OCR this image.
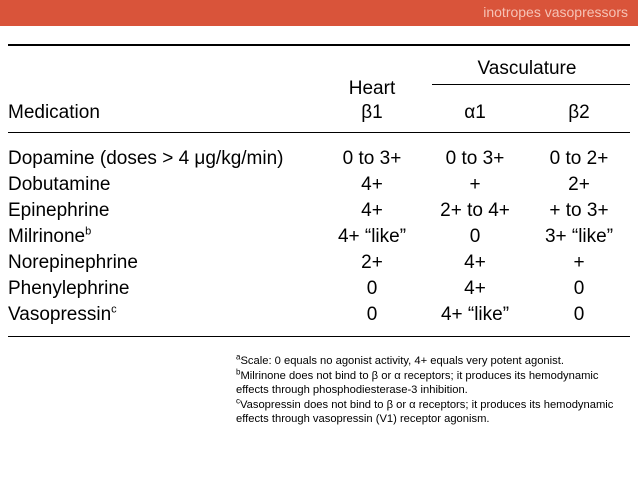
inotropes vasopressors
Vasculature
Heart
Medication	β1	α1	β2
Dopamine (doses > 4 μg/kg/min)	0 to 3+	0 to 3+	0 to 2+
Dobutamine	4+	+	2+
Epinephrine	4+	2+ to 4+	+ to 3+
Milrinone$^b$	4+ “like”	0	3+ “like”
Norepinephrine	2+	4+	+
Phenylephrine	0	4+	0
Vasopressin$^c$	0	4+ “like”	0

$^a$Scale: 0 equals no agonist activity, 4+ equals very potent agonist.

$^b$Milrinone does not bind to β or α receptors; it produces its hemodynamic effects through phosphodiesterase-3 inhibition.

$^c$Vasopressin does not bind to β or α receptors; it produces its hemodynamic effects through vasopressin (V1) receptor agonism.
